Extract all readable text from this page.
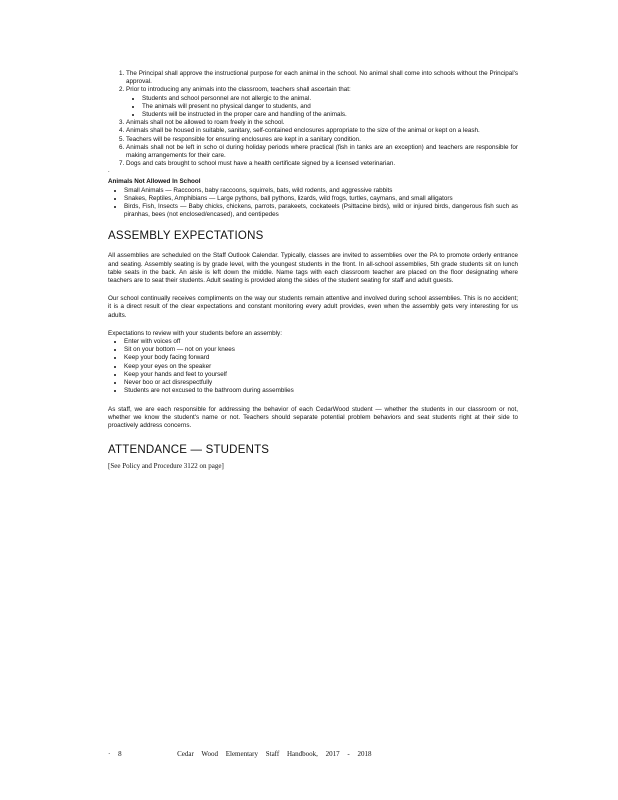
1. The Principal shall approve the instructional purpose for each animal in the school. No animal shall come into schools without the Principal's approval.
2. Prior to introducing any animals into the classroom, teachers shall ascertain that:
• Students and school personnel are not allergic to the animal.
• The animals will present no physical danger to students, and
• Students will be instructed in the proper care and handling of the animals.
3. Animals shall not be allowed to roam freely in the school.
4. Animals shall be housed in suitable, sanitary, self-contained enclosures appropriate to the size of the animal or kept on a leash.
5. Teachers will be responsible for ensuring enclosures are kept in a sanitary condition.
6. Animals shall not be left in scho ol during holiday periods where practical (fish in tanks are an exception) and teachers are responsible for making arrangements for their care.
7. Dogs and cats brought to school must have a health certificate signed by a licensed veterinarian.
.
Animals Not Allowed In School
• Small Animals — Raccoons, baby raccoons, squirrels, bats, wild rodents, and aggressive rabbits
• Snakes, Reptiles, Amphibians — Large pythons, ball pythons, lizards, wild frogs, turtles, caymans, and small alligators
• Birds, Fish, Insects — Baby chicks, chickens, parrots, parakeets, cockateels (Psittacine birds), wild or injured birds, dangerous fish such as piranhas, bees (not enclosed/encased), and centipedes
ASSEMBLY EXPECTATIONS

All assemblies are scheduled on the Staff Outlook Calendar. Typically, classes are invited to assemblies over the PA to promote orderly entrance and seating. Assembly seating is by grade level, with the youngest students in the front. In all-school assemblies, 5th grade students sit on lunch table seats in the back. An aisle is left down the middle. Name tags with each classroom teacher are placed on the floor designating where teachers are to seat their students. Adult seating is provided along the sides of the student seating for staff and adult guests.

Our school continually receives compliments on the way our students remain attentive and involved during school assemblies. This is no accident; it is a direct result of the clear expectations and constant monitoring every adult provides, even when the assembly gets very interesting for us adults.

Expectations to review with your students before an assembly:
• Enter with voices off
• Sit on your bottom — not on your knees
• Keep your body facing forward
• Keep your eyes on the speaker
• Keep your hands and feet to yourself
• Never boo or act disrespectfully
• Students are not excused to the bathroom during assemblies

As staff, we are each responsible for addressing the behavior of each CedarWood student — whether the students in our classroom or not, whether we know the student's name or not. Teachers should separate potential problem behaviors and seat students right at their side to proactively address concerns.

ATTENDANCE — STUDENTS
[See Policy and Procedure 3122 on page]
· 8	Cedar Wood Elementary Staff Handbook, 2017 - 2018
